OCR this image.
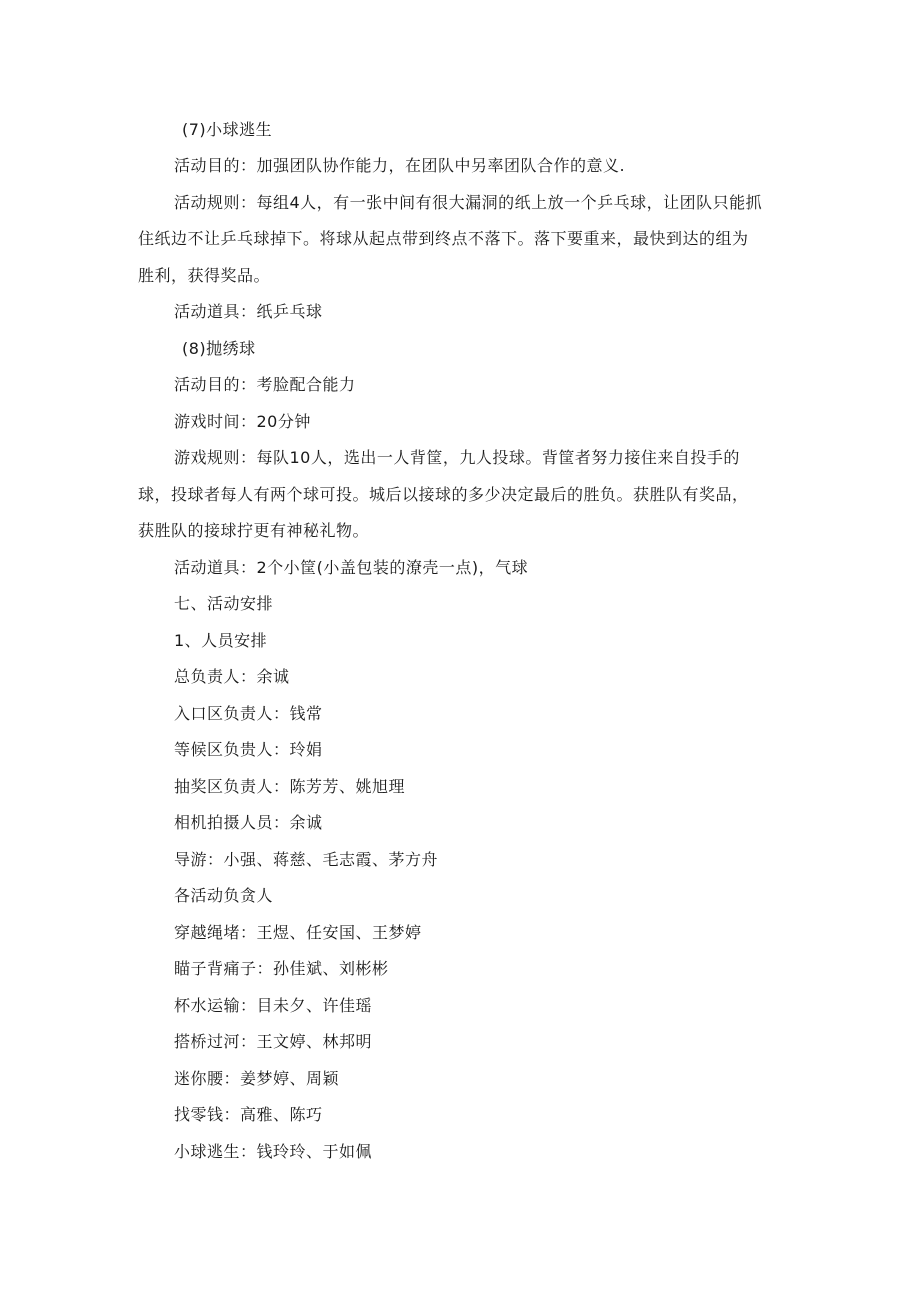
(7)小球逃生
活动目的：加强团队协作能力，在团队中另率团队合作的意义.
活动规则：每组4人，有一张中间有很大漏洞的纸上放一个乒乓球，让团队只能抓
住纸边不让乒乓球掉下。将球从起点带到终点不落下。落下要重来，最快到达的组为
胜利，获得奖品。
活动道具：纸乒乓球
(8)抛绣球
活动目的：考脸配合能力
游戏时间：20分钟
游戏规则：每队10人，选出一人背筐，九人投球。背筐者努力接住来自投手的
球，投球者每人有两个球可投。城后以接球的多少决定最后的胜负。获胜队有奖品，
获胜队的接球拧更有神秘礼物。
活动道具：2个小筐(小盖包装的潦壳一点)，气球
七、活动安排
1、人员安排
总负责人：余诚
入口区负责人：钱常
等候区负贵人：玲娟
抽奖区负责人：陈芳芳、姚旭理
相机拍摄人员：余诚
导游：小强、蒋慈、毛志霞、茅方舟
各活动负贪人
穿越绳堵：王煜、任安国、王梦婷
瞄子背痛子：孙佳斌、刘彬彬
杯水运输：目未夕、许佳瑶
搭桥过河：王文婷、林邦明
迷你腰：姜梦婷、周颖
找零钱：高雅、陈巧
小球逃生：钱玲玲、于如佩
